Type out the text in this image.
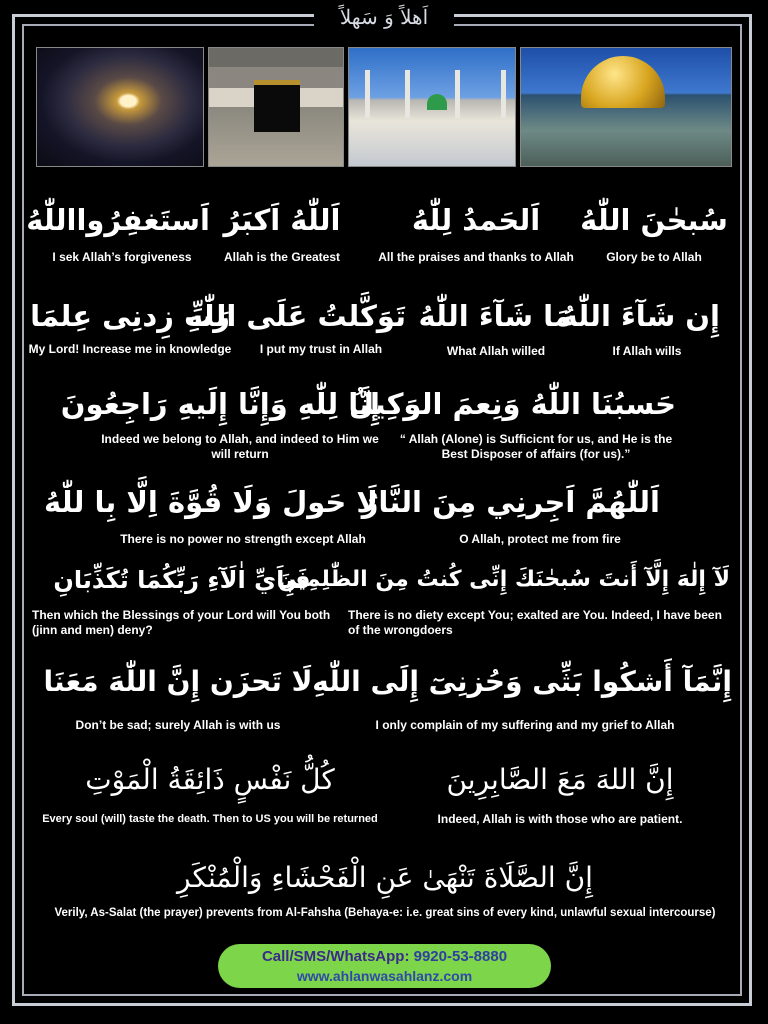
اَهلاً وَ سَهلاً
سُبحٰنَ اللّٰهُ
Glory be to Allah
اَلحَمدُ لِلّٰهُ
All the praises and thanks to Allah
اَللّٰهُ اَكبَرُ
Allah is the Greatest
اَستَغفِرُوااللّٰهُ
I sek Allah’s forgiveness
إِن شَآءَ اللّٰهُ
If Allah wills
مَا شَآءَ اللّٰهُ
What Allah willed
تَوَكَّلتُ عَلَى اللّٰهِ
I put my trust in Allah
رَبِّ زِدنِى عِلمَا
My Lord! Increase me in knowledge
حَسبُنَا اللّٰهُ وَنِعمَ الوَكِيلُ
“ Allah (Alone) is Sufficicnt for us, and He is the Best Disposer of affairs (for us).”
إِنَّا لِلّٰهِ وَإِنَّا إِلَيهِ رَاجِعُونَ
Indeed we belong to Allah, and indeed to Him we will return
اَللّٰهُمَّ اَجِرنِي مِنَ النَّارُ
O Allah, protect me from fire
لَا حَولَ وَلَا قُوَّةَ اِلَّا بِا للّٰهُ
There is no power no strength except Allah
لَآ إِلٰهَ إِلَّآ أَنتَ سُبحٰنَكَ إِنِّى كُنتُ مِنَ الظّٰلِمِينَ
There is no diety except You; exalted are You. Indeed, I have been of the wrongdoers
فَبِاَيِّ اٰلَآءِ رَبِّكُمَا تُكَذِّبَانِ
Then which the Blessings of your Lord will You both (jinn and men) deny?
إِنَّمَآ أَشكُوا بَثِّى وَحُزنِىٓ إِلَى اللّٰهِ
I only complain of my suffering and my grief to Allah
لَا تَحزَن إِنَّ اللّٰهَ مَعَنَا
Don’t be sad; surely Allah is with us
إِنَّ اللهَ مَعَ الصَّابِرِينَ
Indeed, Allah is with those who are patient.
كُلُّ نَفْسٍ ذَائِقَةُ الْمَوْتِ
Every soul (will) taste the death. Then to US you will be returned
إِنَّ الصَّلَاةَ تَنْهَىٰ عَنِ الْفَحْشَاءِ وَالْمُنْكَرِ
Verily, As-Salat (the prayer) prevents from Al-Fahsha (Behaya-e: i.e. great sins of every kind, unlawful sexual intercourse)
Call/SMS/WhatsApp: 9920-53-8880
www.ahlanwasahlanz.com
